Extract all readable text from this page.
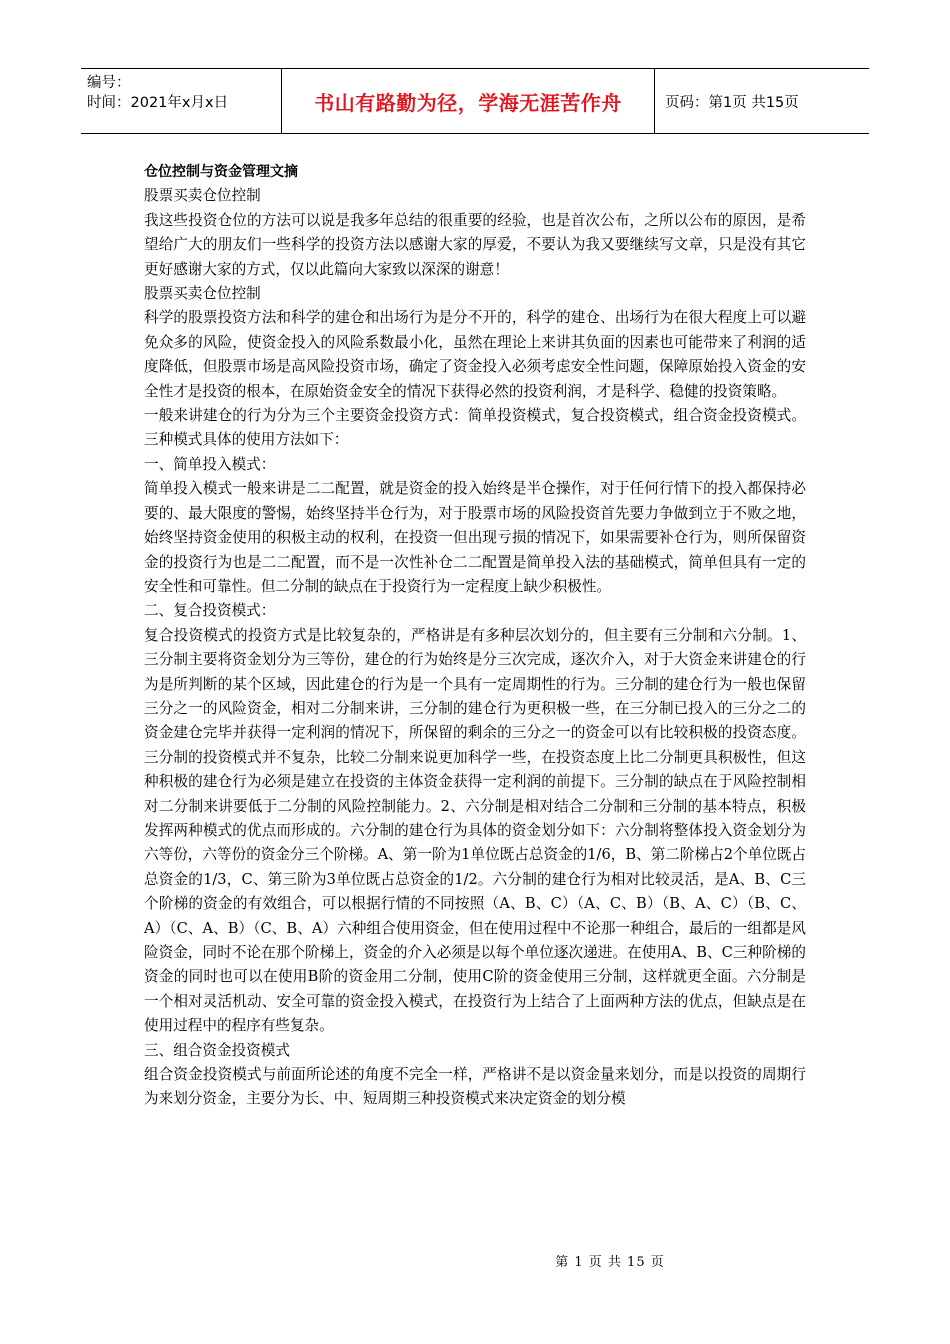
编号：
时间：2021年x月x日	书山有路勤为径，学海无涯苦作舟	页码：第1页 共15页

仓位控制与资金管理文摘

股票买卖仓位控制

我这些投资仓位的方法可以说是我多年总结的很重要的经验，也是首次公布，之所以公布的原因，是希望给广大的朋友们一些科学的投资方法以感谢大家的厚爱，不要认为我又要继续写文章，只是没有其它更好感谢大家的方式，仅以此篇向大家致以深深的谢意！

股票买卖仓位控制

科学的股票投资方法和科学的建仓和出场行为是分不开的，科学的建仓、出场行为在很大程度上可以避免众多的风险，使资金投入的风险系数最小化，虽然在理论上来讲其负面的因素也可能带来了利润的适度降低，但股票市场是高风险投资市场，确定了资金投入必须考虑安全性问题，保障原始投入资金的安全性才是投资的根本，在原始资金安全的情况下获得必然的投资利润，才是科学、稳健的投资策略。

一般来讲建仓的行为分为三个主要资金投资方式：简单投资模式，复合投资模式，组合资金投资模式。三种模式具体的使用方法如下：

一、简单投入模式：

简单投入模式一般来讲是二二配置，就是资金的投入始终是半仓操作，对于任何行情下的投入都保持必要的、最大限度的警惕，始终坚持半仓行为，对于股票市场的风险投资首先要力争做到立于不败之地，始终坚持资金使用的积极主动的权利，在投资一但出现亏损的情况下，如果需要补仓行为，则所保留资金的投资行为也是二二配置，而不是一次性补仓二二配置是简单投入法的基础模式，简单但具有一定的安全性和可靠性。但二分制的缺点在于投资行为一定程度上缺少积极性。

二、复合投资模式：

复合投资模式的投资方式是比较复杂的，严格讲是有多种层次划分的，但主要有三分制和六分制。1、三分制主要将资金划分为三等份，建仓的行为始终是分三次完成，逐次介入，对于大资金来讲建仓的行为是所判断的某个区域，因此建仓的行为是一个具有一定周期性的行为。三分制的建仓行为一般也保留三分之一的风险资金，相对二分制来讲，三分制的建仓行为更积极一些，在三分制已投入的三分之二的资金建仓完毕并获得一定利润的情况下，所保留的剩余的三分之一的资金可以有比较积极的投资态度。三分制的投资模式并不复杂，比较二分制来说更加科学一些，在投资态度上比二分制更具积极性，但这种积极的建仓行为必须是建立在投资的主体资金获得一定利润的前提下。三分制的缺点在于风险控制相对二分制来讲要低于二分制的风险控制能力。2、六分制是相对结合二分制和三分制的基本特点，积极发挥两种模式的优点而形成的。六分制的建仓行为具体的资金划分如下：六分制将整体投入资金划分为六等份，六等份的资金分三个阶梯。A、第一阶为1单位既占总资金的1/6，B、第二阶梯占2个单位既占总资金的1/3，C、第三阶为3单位既占总资金的1/2。六分制的建仓行为相对比较灵活，是A、B、C三个阶梯的资金的有效组合，可以根据行情的不同按照（A、B、C）（A、C、B）（B、A、C）（B、C、A）（C、A、B）（C、B、A）六种组合使用资金，但在使用过程中不论那一种组合，最后的一组都是风险资金，同时不论在那个阶梯上，资金的介入必须是以每个单位逐次递进。在使用A、B、C三种阶梯的资金的同时也可以在使用B阶的资金用二分制，使用C阶的资金使用三分制，这样就更全面。六分制是一个相对灵活机动、安全可靠的资金投入模式，在投资行为上结合了上面两种方法的优点，但缺点是在使用过程中的程序有些复杂。

三、组合资金投资模式

组合资金投资模式与前面所论述的角度不完全一样，严格讲不是以资金量来划分，而是以投资的周期行为来划分资金，主要分为长、中、短周期三种投资模式来决定资金的划分模

第 1 页 共 15 页
